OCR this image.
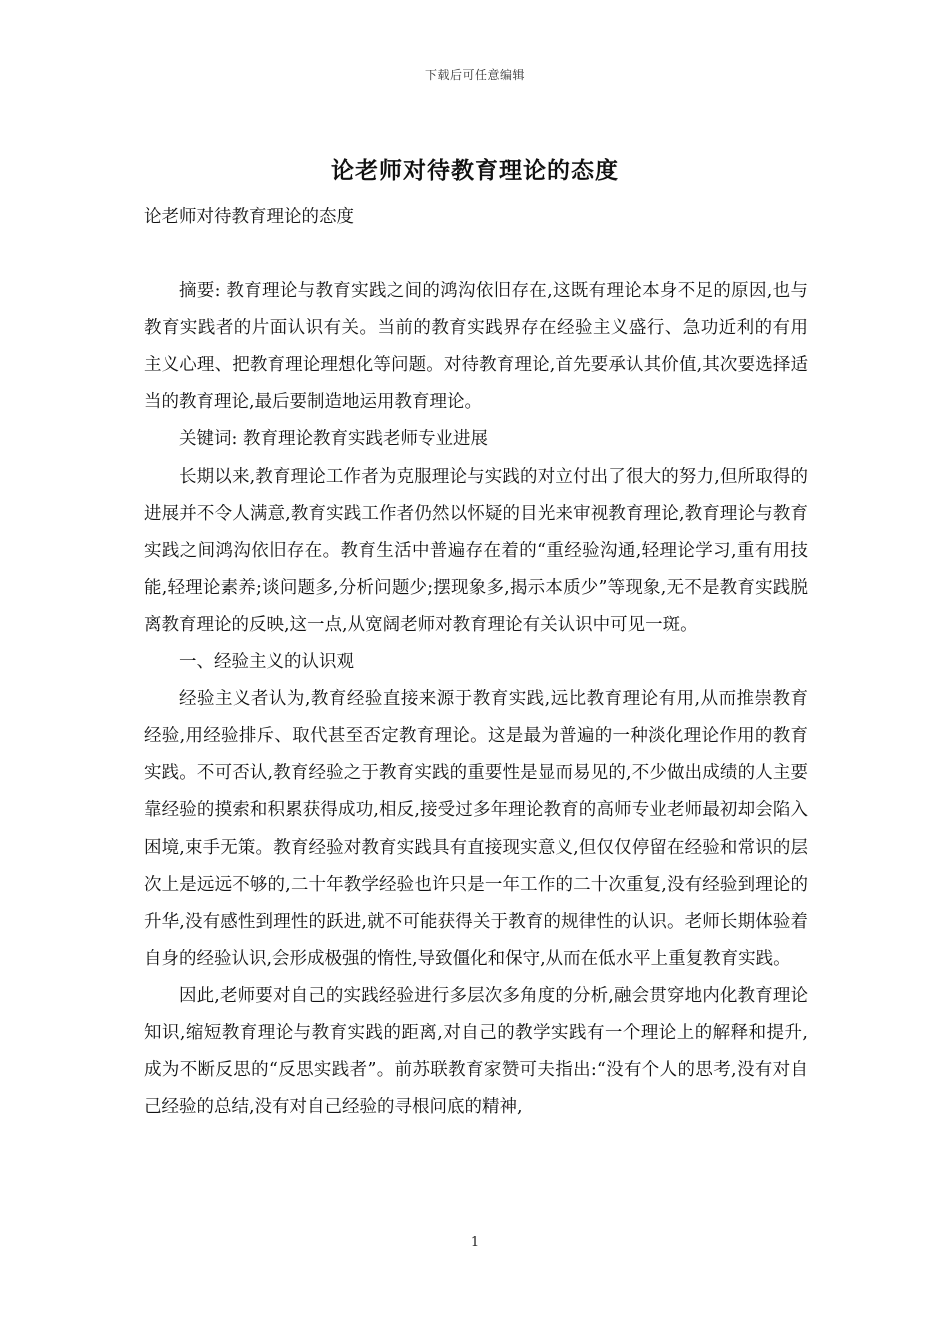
下载后可任意编辑
论老师对待教育理论的态度

论老师对待教育理论的态度

摘要: 教育理论与教育实践之间的鸿沟依旧存在,这既有理论本身不足的原因,也与教育实践者的片面认识有关。当前的教育实践界存在经验主义盛行、急功近利的有用主义心理、把教育理论理想化等问题。对待教育理论,首先要承认其价值,其次要选择适当的教育理论,最后要制造地运用教育理论。

关键词: 教育理论教育实践老师专业进展

长期以来,教育理论工作者为克服理论与实践的对立付出了很大的努力,但所取得的进展并不令人满意,教育实践工作者仍然以怀疑的目光来审视教育理论,教育理论与教育实践之间鸿沟依旧存在。教育生活中普遍存在着的“重经验沟通,轻理论学习,重有用技能,轻理论素养;谈问题多,分析问题少;摆现象多,揭示本质少”等现象,无不是教育实践脱离教育理论的反映,这一点,从宽阔老师对教育理论有关认识中可见一斑。

一、经验主义的认识观

经验主义者认为,教育经验直接来源于教育实践,远比教育理论有用,从而推崇教育经验,用经验排斥、取代甚至否定教育理论。这是最为普遍的一种淡化理论作用的教育实践。不可否认,教育经验之于教育实践的重要性是显而易见的,不少做出成绩的人主要靠经验的摸索和积累获得成功,相反,接受过多年理论教育的高师专业老师最初却会陷入困境,束手无策。教育经验对教育实践具有直接现实意义,但仅仅停留在经验和常识的层次上是远远不够的,二十年教学经验也许只是一年工作的二十次重复,没有经验到理论的升华,没有感性到理性的跃进,就不可能获得关于教育的规律性的认识。老师长期体验着自身的经验认识,会形成极强的惰性,导致僵化和保守,从而在低水平上重复教育实践。

因此,老师要对自己的实践经验进行多层次多角度的分析,融会贯穿地内化教育理论知识,缩短教育理论与教育实践的距离,对自己的教学实践有一个理论上的解释和提升,成为不断反思的“反思实践者”。前苏联教育家赞可夫指出:“没有个人的思考,没有对自己经验的总结,没有对自己经验的寻根问底的精神,

1
